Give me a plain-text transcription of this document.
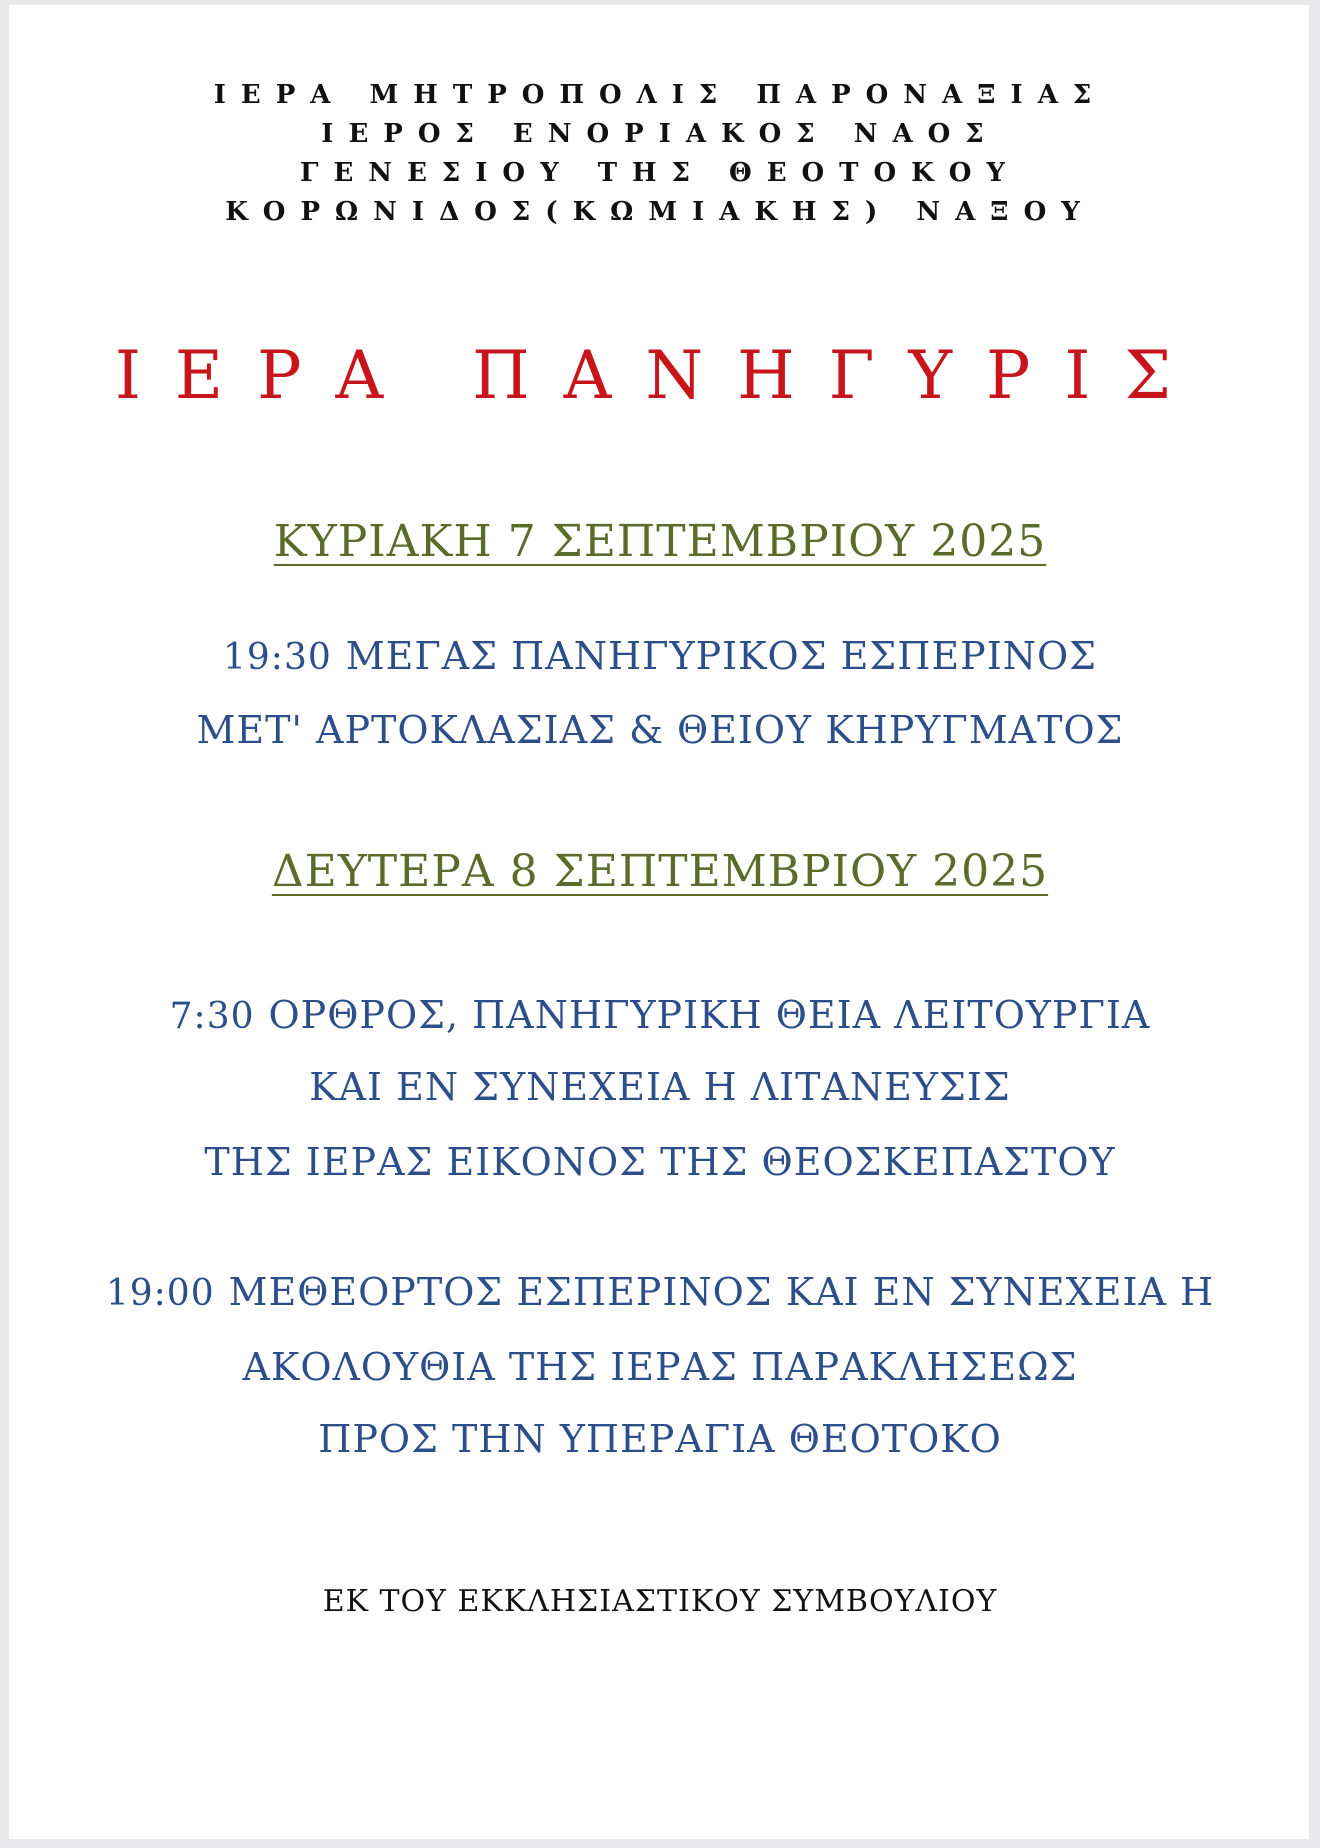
ΙΕΡΑ ΜΗΤΡΟΠΟΛΙΣ ΠΑΡΟΝΑΞΙΑΣ
ΙΕΡΟΣ ΕΝΟΡΙΑΚΟΣ ΝΑΟΣ
ΓΕΝΕΣΙΟΥ ΤΗΣ ΘΕΟΤΟΚΟΥ
ΚΟΡΩΝΙΔΟΣ(ΚΩΜΙΑΚΗΣ) ΝΑΞΟΥ
ΙΕΡΑ ΠΑΝΗΓΥΡΙΣ
ΚΥΡΙΑΚΗ 7 ΣΕΠΤΕΜΒΡΙΟΥ 2025
19:30 ΜΕΓΑΣ ΠΑΝΗΓΥΡΙΚΟΣ ΕΣΠΕΡΙΝΟΣ
ΜΕΤ' ΑΡΤΟΚΛΑΣΙΑΣ & ΘΕΙΟΥ ΚΗΡΥΓΜΑΤΟΣ
ΔΕΥΤΕΡΑ 8 ΣΕΠΤΕΜΒΡΙΟΥ 2025
7:30 ΟΡΘΡΟΣ, ΠΑΝΗΓΥΡΙΚΗ ΘΕΙΑ ΛΕΙΤΟΥΡΓΙΑ
ΚΑΙ ΕΝ ΣΥΝΕΧΕΙΑ Η ΛΙΤΑΝΕΥΣΙΣ
ΤΗΣ ΙΕΡΑΣ ΕΙΚΟΝΟΣ ΤΗΣ ΘΕΟΣΚΕΠΑΣΤΟΥ
19:00 ΜΕΘΕΟΡΤΟΣ ΕΣΠΕΡΙΝΟΣ ΚΑΙ ΕΝ ΣΥΝΕΧΕΙΑ Η
ΑΚΟΛΟΥΘΙΑ ΤΗΣ ΙΕΡΑΣ ΠΑΡΑΚΛΗΣΕΩΣ
ΠΡΟΣ ΤΗΝ ΥΠΕΡΑΓΙΑ ΘΕΟΤΟΚΟ
ΕΚ ΤΟΥ ΕΚΚΛΗΣΙΑΣΤΙΚΟΥ ΣΥΜΒΟΥΛΙΟΥ
